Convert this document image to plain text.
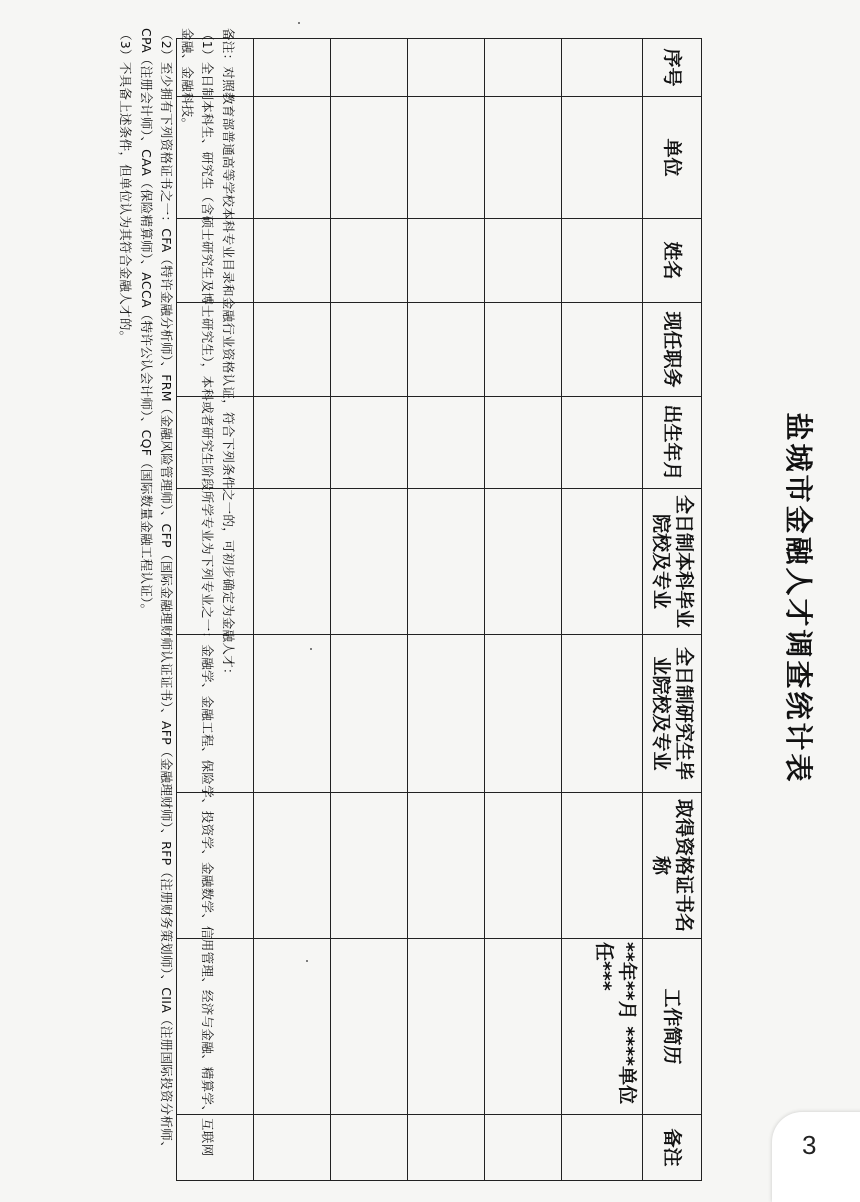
盐城市金融人才调查统计表
序号	单位	姓名	现任职务	出生年月	全日制本科毕业院校及专业	全日制研究生毕业院校及专业	取得资格证书名称	工作简历	备注
								**年**月 ****单位任***	

备注：对照教育部普通高等学校本科专业目录和金融行业资格认证，符合下列条件之一的，可初步确定为金融人才：

（1）全日制本科生、研究生（含硕士研究生及博士研究生），本科或者研究生阶段所学专业为下列专业之一：金融学、金融工程、保险学、投资学、金融数学、信用管理、经济与金融、精算学、互联网金融、金融科技。

（2）至少拥有下列资格证书之一：CFA（特许金融分析师）、FRM（金融风险管理师）、CFP（国际金融理财师认证证书）、AFP（金融理财师）、RFP（注册财务策划师）、CIIA（注册国际投资分析师、CPA（注册会计师）、CAA（保险精算师）、ACCA（特许公认会计师）、CQF（国际数量金融工程认证）。

（3）不具备上述条件，但单位认为其符合金融人才的。

3
